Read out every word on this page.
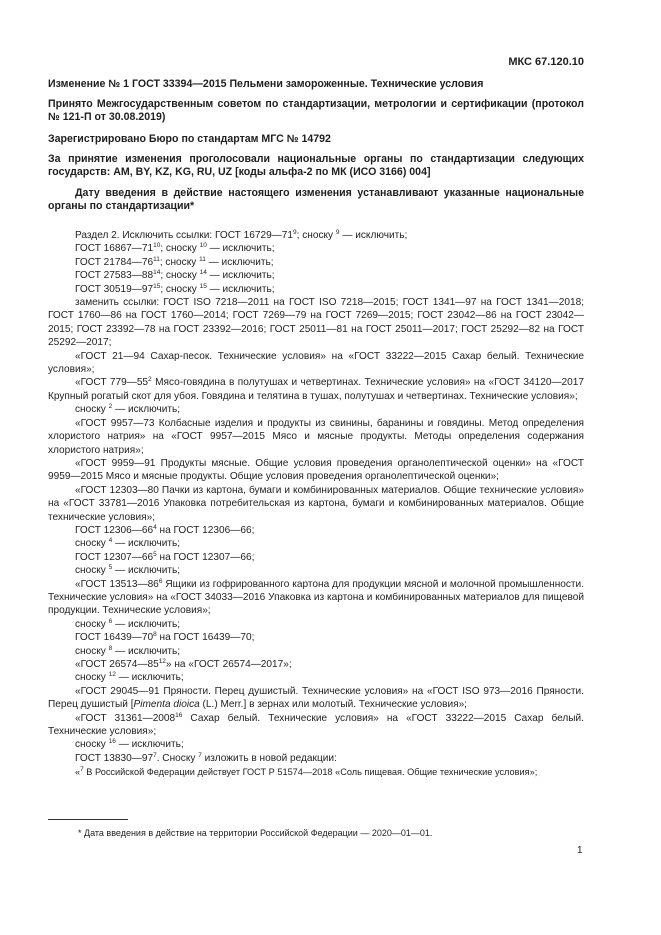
МКС 67.120.10

Изменение № 1 ГОСТ 33394—2015 Пельмени замороженные. Технические условия

Принято Межгосударственным советом по стандартизации, метрологии и сертификации (протокол № 121-П от 30.08.2019)

Зарегистрировано Бюро по стандартам МГС № 14792

За принятие изменения проголосовали национальные органы по стандартизации следующих государств: AM, BY, KZ, KG, RU, UZ [коды альфа-2 по МК (ИСО 3166) 004]

Дату введения в действие настоящего изменения устанавливают указанные национальные органы по стандартизации*

Раздел 2. Исключить ссылки: ГОСТ $16729—71^9$; сноску $^9$ — исключить;

ГОСТ $16867—71^{10}$; сноску $^{10}$ — исключить;

ГОСТ $21784—76^{11}$; сноску $^{11}$ — исключить;

ГОСТ $27583—88^{14}$; сноску $^{14}$ — исключить;

ГОСТ $30519—97^{15}$; сноску $^{15}$ — исключить;

заменить ссылки: ГОСТ ISO 7218—2011 на ГОСТ ISO 7218—2015; ГОСТ 1341—97 на ГОСТ 1341—2018; ГОСТ 1760—86 на ГОСТ 1760—2014; ГОСТ 7269—79 на ГОСТ 7269—2015; ГОСТ 23042—86 на ГОСТ 23042—2015; ГОСТ 23392—78 на ГОСТ 23392—2016; ГОСТ 25011—81 на ГОСТ 25011—2017; ГОСТ 25292—82 на ГОСТ 25292—2017;

«ГОСТ 21—94 Сахар-песок. Технические условия» на «ГОСТ 33222—2015 Сахар белый. Технические условия»;

«ГОСТ $779—55^2$ Мясо-говядина в полутушах и четвертинах. Технические условия» на «ГОСТ 34120—2017 Крупный рогатый скот для убоя. Говядина и телятина в тушах, полутушах и четвертинах. Технические условия»;

сноску $^2$ — исключить;

«ГОСТ 9957—73 Колбасные изделия и продукты из свинины, баранины и говядины. Метод определения хлористого натрия» на «ГОСТ 9957—2015 Мясо и мясные продукты. Методы определения содержания хлористого натрия»;

«ГОСТ 9959—91 Продукты мясные. Общие условия проведения органолептической оценки» на «ГОСТ 9959—2015 Мясо и мясные продукты. Общие условия проведения органолептической оценки»;

«ГОСТ 12303—80 Пачки из картона, бумаги и комбинированных материалов. Общие технические условия» на «ГОСТ 33781—2016 Упаковка потребительская из картона, бумаги и комбинированных материалов. Общие технические условия»;

ГОСТ $12306—66^4$ на ГОСТ 12306—66;

сноску $^4$ — исключить;

ГОСТ $12307—66^5$ на ГОСТ 12307—66;

сноску $^5$ — исключить;

«ГОСТ $13513—86^6$ Ящики из гофрированного картона для продукции мясной и молочной промышленности. Технические условия» на «ГОСТ 34033—2016 Упаковка из картона и комбинированных материалов для пищевой продукции. Технические условия»;

сноску $^6$ — исключить;

ГОСТ $16439—70^8$ на ГОСТ 16439—70;

сноску $^8$ — исключить;

«ГОСТ $26574—85^{12}$» на «ГОСТ 26574—2017»;

сноску $^{12}$ — исключить;

«ГОСТ 29045—91 Пряности. Перец душистый. Технические условия» на «ГОСТ ISO 973—2016 Пряности. Перец душистый [Pimenta dioica (L.) Merr.] в зернах или молотый. Технические условия»;

«ГОСТ 31361—2008$^{16}$ Сахар белый. Технические условия» на «ГОСТ 33222—2015 Сахар белый. Технические условия»;

сноску $^{16}$ — исключить;

ГОСТ $13830—97^7$. Сноску $^7$ изложить в новой редакции:

«$^7$ В Российской Федерации действует ГОСТ Р 51574—2018 «Соль пищевая. Общие технические условия»;

* Дата введения в действие на территории Российской Федерации — 2020—01—01.
1
